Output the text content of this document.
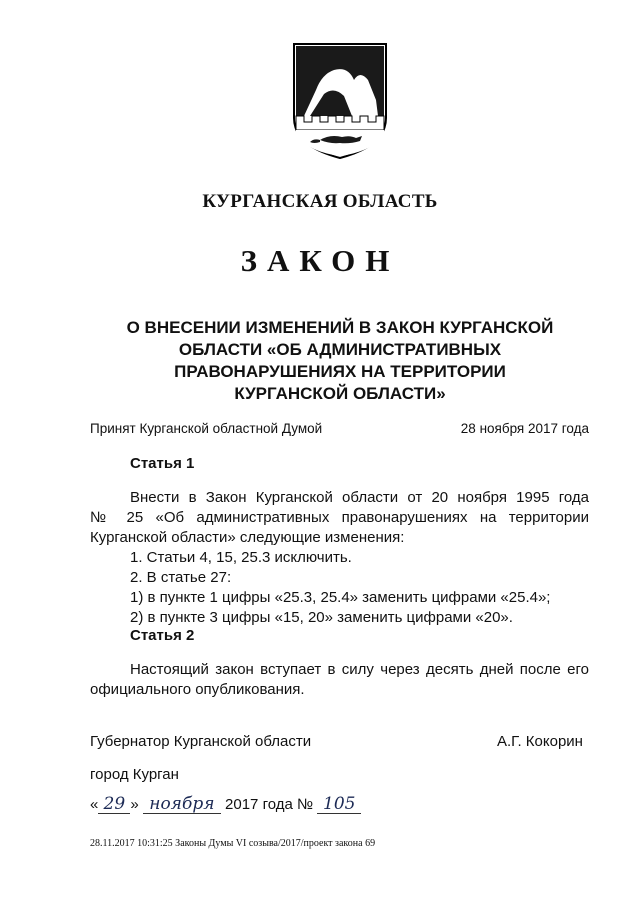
КУРГАНСКАЯ ОБЛАСТЬ
ЗАКОН
О ВНЕСЕНИИ ИЗМЕНЕНИЙ В ЗАКОН КУРГАНСКОЙ
ОБЛАСТИ «ОБ АДМИНИСТРАТИВНЫХ
ПРАВОНАРУШЕНИЯХ НА ТЕРРИТОРИИ
КУРГАНСКОЙ ОБЛАСТИ»
Принят Курганской областной Думой	28 ноября 2017 года
Статья 1
Внести в Закон Курганской области от 20 ноября 1995 года
№ 25 «Об административных правонарушениях на территории
Курганской области» следующие изменения:
1. Статьи 4, 15, 25.3 исключить.
2. В статье 27:
1) в пункте 1 цифры «25.3, 25.4» заменить цифрами «25.4»;
2) в пункте 3 цифры «15, 20» заменить цифрами «20».
Статья 2
Настоящий закон вступает в силу через десять дней после его
официального опубликования.
Губернатор Курганской области	А.Г. Кокорин
город Курган
« 29 » ноября 2017 года № 105
28.11.2017 10:31:25 Законы Думы VI созыва/2017/проект закона 69
